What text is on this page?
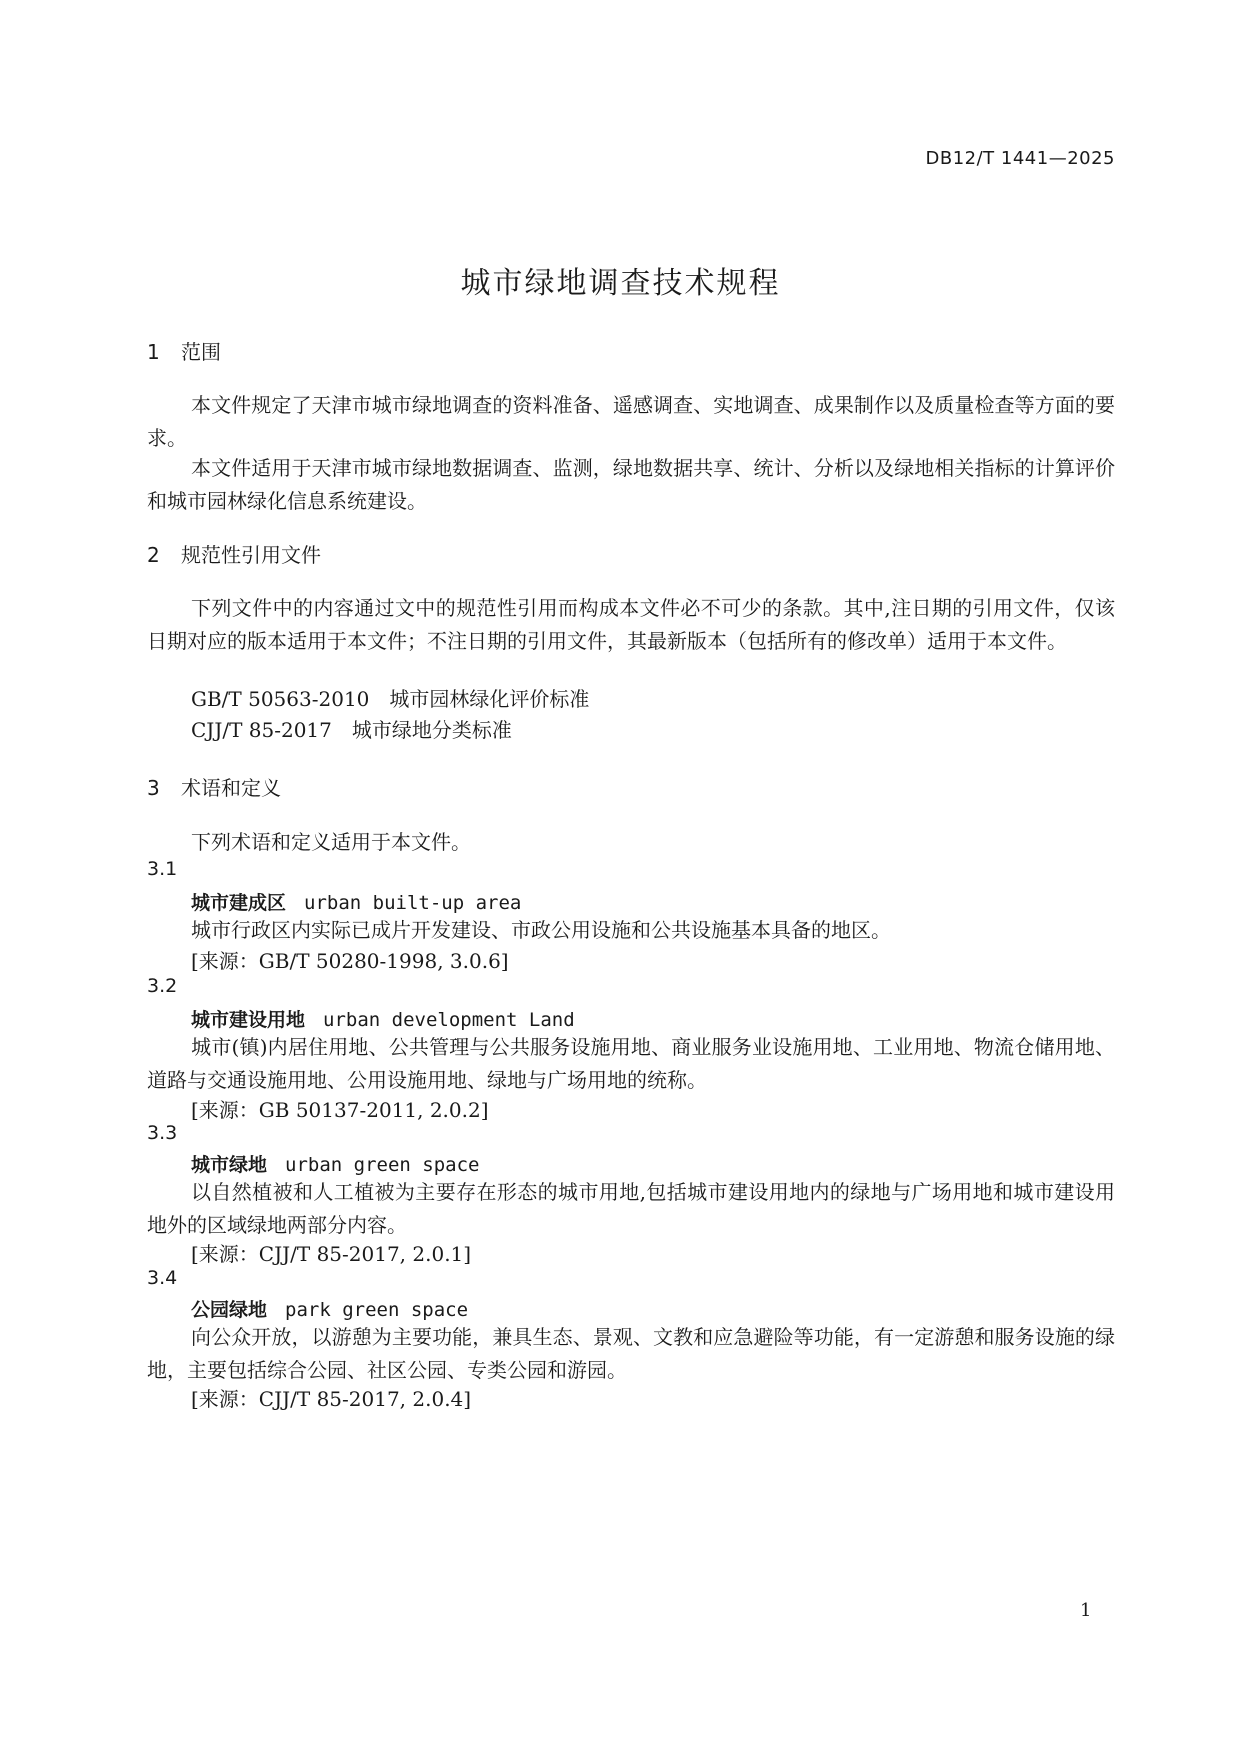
DB12/T 1441—2025
城市绿地调查技术规程
1 范围
本文件规定了天津市城市绿地调查的资料准备、遥感调查、实地调查、成果制作以及质量检查等方面的要求。
本文件适用于天津市城市绿地数据调查、监测，绿地数据共享、统计、分析以及绿地相关指标的计算评价和城市园林绿化信息系统建设。
2 规范性引用文件
下列文件中的内容通过文中的规范性引用而构成本文件必不可少的条款。其中,注日期的引用文件，仅该日期对应的版本适用于本文件；不注日期的引用文件，其最新版本（包括所有的修改单）适用于本文件。
GB/T 50563-2010 城市园林绿化评价标准
CJJ/T 85-2017 城市绿地分类标准
3 术语和定义
下列术语和定义适用于本文件。
3.1
城市建成区 urban built-up area
城市行政区内实际已成片开发建设、市政公用设施和公共设施基本具备的地区。
[来源：GB/T 50280-1998, 3.0.6]
3.2
城市建设用地 urban development Land
城市(镇)内居住用地、公共管理与公共服务设施用地、商业服务业设施用地、工业用地、物流仓储用地、道路与交通设施用地、公用设施用地、绿地与广场用地的统称。
[来源：GB 50137-2011, 2.0.2]
3.3
城市绿地 urban green space
以自然植被和人工植被为主要存在形态的城市用地,包括城市建设用地内的绿地与广场用地和城市建设用地外的区域绿地两部分内容。
[来源：CJJ/T 85-2017, 2.0.1]
3.4
公园绿地 park green space
向公众开放，以游憩为主要功能，兼具生态、景观、文教和应急避险等功能，有一定游憩和服务设施的绿地，主要包括综合公园、社区公园、专类公园和游园。
[来源：CJJ/T 85-2017, 2.0.4]
1
